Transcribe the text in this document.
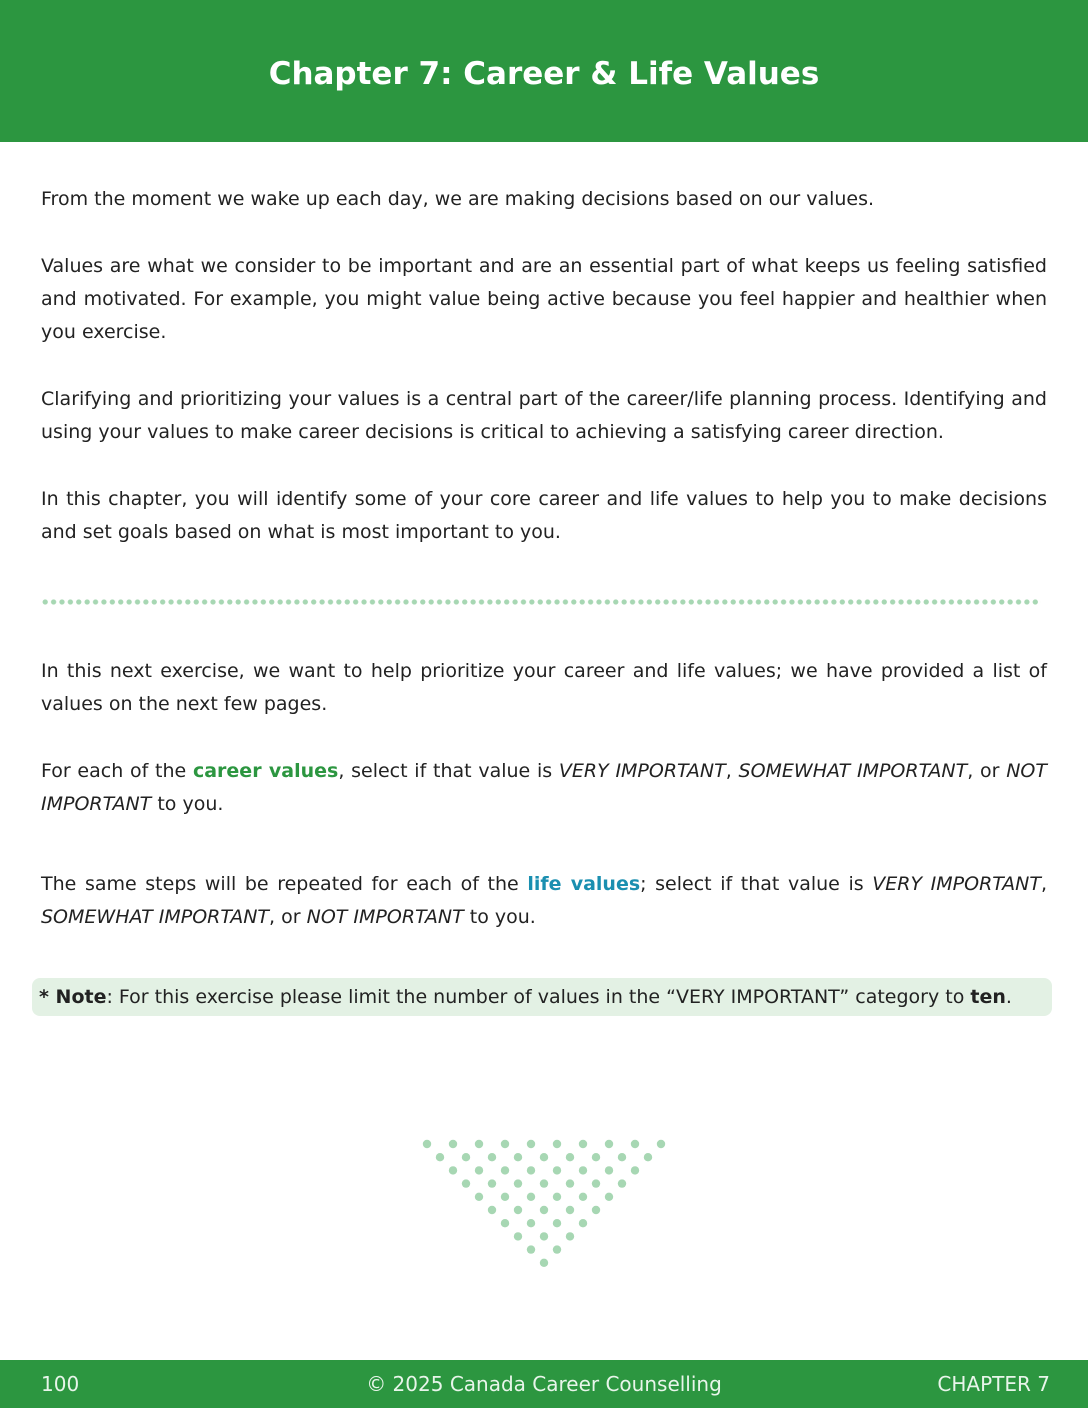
Chapter 7: Career & Life Values

From the moment we wake up each day, we are making decisions based on our values.

Values are what we consider to be important and are an essential part of what keeps us feeling satisfied and motivated. For example, you might value being active because you feel happier and healthier when you exercise.

Clarifying and prioritizing your values is a central part of the career/life planning process. Identifying and using your values to make career decisions is critical to achieving a satisfying career direction.

In this chapter, you will identify some of your core career and life values to help you to make decisions and set goals based on what is most important to you.

In this next exercise, we want to help prioritize your career and life values; we have provided a list of values on the next few pages.

For each of the career values, select if that value is VERY IMPORTANT, SOMEWHAT IMPORTANT, or NOT IMPORTANT to you.

The same steps will be repeated for each of the life values; select if that value is VERY IMPORTANT, SOMEWHAT IMPORTANT, or NOT IMPORTANT to you.

* Note: For this exercise please limit the number of values in the “VERY IMPORTANT” category to ten.
100	© 2025 Canada Career Counselling	CHAPTER 7
